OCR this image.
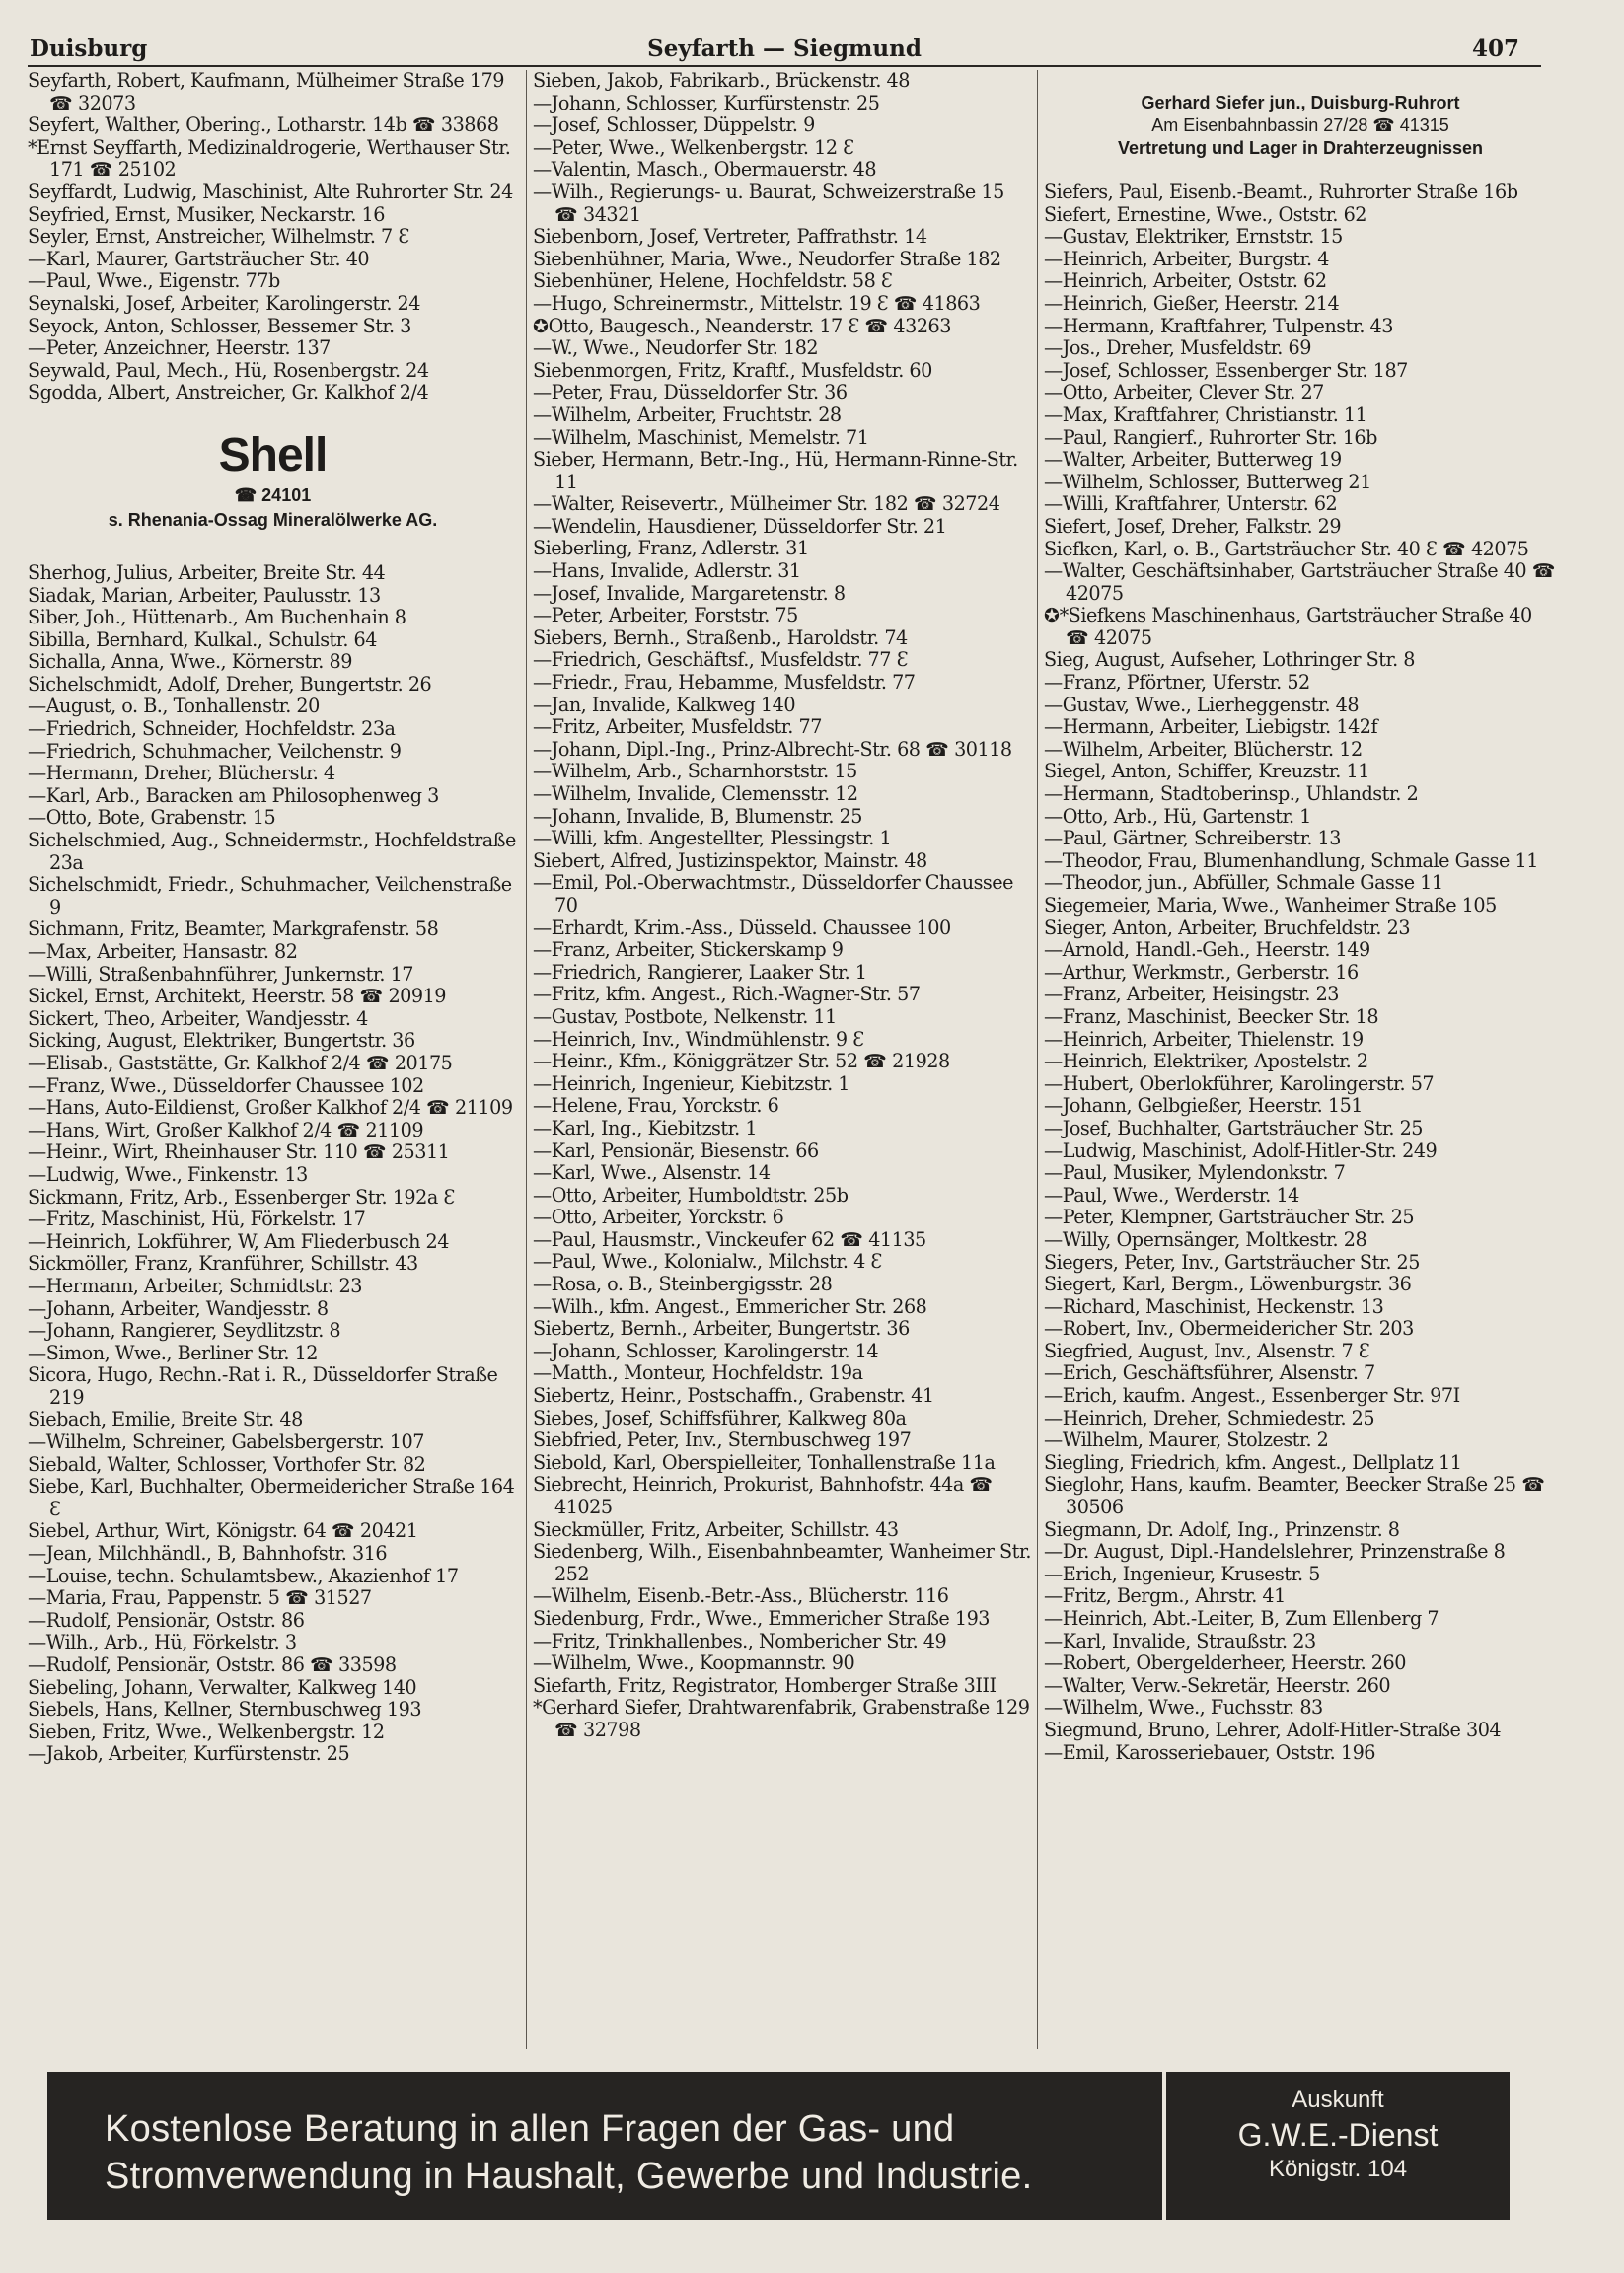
Duisburg	Seyfarth — Siegmund	407
Seyfarth, Robert, Kaufmann, Mülheimer Straße 179 ☎ 32073
Seyfert, Walther, Obering., Lotharstr. 14b ☎ 33868
*Ernst Seyffarth, Medizinaldrogerie, Werthauser Str. 171 ☎ 25102
Seyffardt, Ludwig, Maschinist, Alte Ruhrorter Str. 24
Seyfried, Ernst, Musiker, Neckarstr. 16
Seyler, Ernst, Anstreicher, Wilhelmstr. 7 Ɛ
—Karl, Maurer, Gartsträucher Str. 40
—Paul, Wwe., Eigenstr. 77b
Seynalski, Josef, Arbeiter, Karolingerstr. 24
Seyock, Anton, Schlosser, Bessemer Str. 3
—Peter, Anzeichner, Heerstr. 137
Seywald, Paul, Mech., Hü, Rosenbergstr. 24
Sgodda, Albert, Anstreicher, Gr. Kalkhof 2/4
Shell
☎ 24101
s. Rhenania-Ossag Mineralölwerke AG.
Sherhog, Julius, Arbeiter, Breite Str. 44
Siadak, Marian, Arbeiter, Paulusstr. 13
Siber, Joh., Hüttenarb., Am Buchenhain 8
Sibilla, Bernhard, Kulkal., Schulstr. 64
Sichalla, Anna, Wwe., Körnerstr. 89
Sichelschmidt, Adolf, Dreher, Bungertstr. 26
—August, o. B., Tonhallenstr. 20
—Friedrich, Schneider, Hochfeldstr. 23a
—Friedrich, Schuhmacher, Veilchenstr. 9
—Hermann, Dreher, Blücherstr. 4
—Karl, Arb., Baracken am Philosophenweg 3
—Otto, Bote, Grabenstr. 15
Sichelschmied, Aug., Schneidermstr., Hochfeldstraße 23a
Sichelschmidt, Friedr., Schuhmacher, Veilchenstraße 9
Sichmann, Fritz, Beamter, Markgrafenstr. 58
—Max, Arbeiter, Hansastr. 82
—Willi, Straßenbahnführer, Junkernstr. 17
Sickel, Ernst, Architekt, Heerstr. 58 ☎ 20919
Sickert, Theo, Arbeiter, Wandjesstr. 4
Sicking, August, Elektriker, Bungertstr. 36
—Elisab., Gaststätte, Gr. Kalkhof 2/4 ☎ 20175
—Franz, Wwe., Düsseldorfer Chaussee 102
—Hans, Auto-Eildienst, Großer Kalkhof 2/4 ☎ 21109
—Hans, Wirt, Großer Kalkhof 2/4 ☎ 21109
—Heinr., Wirt, Rheinhauser Str. 110 ☎ 25311
—Ludwig, Wwe., Finkenstr. 13
Sickmann, Fritz, Arb., Essenberger Str. 192a Ɛ
—Fritz, Maschinist, Hü, Förkelstr. 17
—Heinrich, Lokführer, W, Am Fliederbusch 24
Sickmöller, Franz, Kranführer, Schillstr. 43
—Hermann, Arbeiter, Schmidtstr. 23
—Johann, Arbeiter, Wandjesstr. 8
—Johann, Rangierer, Seydlitzstr. 8
—Simon, Wwe., Berliner Str. 12
Sicora, Hugo, Rechn.-Rat i. R., Düsseldorfer Straße 219
Siebach, Emilie, Breite Str. 48
—Wilhelm, Schreiner, Gabelsbergerstr. 107
Siebald, Walter, Schlosser, Vorthofer Str. 82
Siebe, Karl, Buchhalter, Obermeidericher Straße 164 Ɛ
Siebel, Arthur, Wirt, Königstr. 64 ☎ 20421
—Jean, Milchhändl., B, Bahnhofstr. 316
—Louise, techn. Schulamtsbew., Akazienhof 17
—Maria, Frau, Pappenstr. 5 ☎ 31527
—Rudolf, Pensionär, Oststr. 86
—Wilh., Arb., Hü, Förkelstr. 3
—Rudolf, Pensionär, Oststr. 86 ☎ 33598
Siebeling, Johann, Verwalter, Kalkweg 140
Siebels, Hans, Kellner, Sternbuschweg 193
Sieben, Fritz, Wwe., Welkenbergstr. 12
—Jakob, Arbeiter, Kurfürstenstr. 25
Sieben, Jakob, Fabrikarb., Brückenstr. 48
—Johann, Schlosser, Kurfürstenstr. 25
—Josef, Schlosser, Düppelstr. 9
—Peter, Wwe., Welkenbergstr. 12 Ɛ
—Valentin, Masch., Obermauerstr. 48
—Wilh., Regierungs- u. Baurat, Schweizerstraße 15 ☎ 34321
Siebenborn, Josef, Vertreter, Paffrathstr. 14
Siebenhühner, Maria, Wwe., Neudorfer Straße 182
Siebenhüner, Helene, Hochfeldstr. 58 Ɛ
—Hugo, Schreinermstr., Mittelstr. 19 Ɛ ☎ 41863
✪Otto, Baugesch., Neanderstr. 17 Ɛ ☎ 43263
—W., Wwe., Neudorfer Str. 182
Siebenmorgen, Fritz, Kraftf., Musfeldstr. 60
—Peter, Frau, Düsseldorfer Str. 36
—Wilhelm, Arbeiter, Fruchtstr. 28
—Wilhelm, Maschinist, Memelstr. 71
Sieber, Hermann, Betr.-Ing., Hü, Hermann-Rinne-Str. 11
—Walter, Reisevertr., Mülheimer Str. 182 ☎ 32724
—Wendelin, Hausdiener, Düsseldorfer Str. 21
Sieberling, Franz, Adlerstr. 31
—Hans, Invalide, Adlerstr. 31
—Josef, Invalide, Margaretenstr. 8
—Peter, Arbeiter, Forststr. 75
Siebers, Bernh., Straßenb., Haroldstr. 74
—Friedrich, Geschäftsf., Musfeldstr. 77 Ɛ
—Friedr., Frau, Hebamme, Musfeldstr. 77
—Jan, Invalide, Kalkweg 140
—Fritz, Arbeiter, Musfeldstr. 77
—Johann, Dipl.-Ing., Prinz-Albrecht-Str. 68 ☎ 30118
—Wilhelm, Arb., Scharnhorststr. 15
—Wilhelm, Invalide, Clemensstr. 12
—Johann, Invalide, B, Blumenstr. 25
—Willi, kfm. Angestellter, Plessingstr. 1
Siebert, Alfred, Justizinspektor, Mainstr. 48
—Emil, Pol.-Oberwachtmstr., Düsseldorfer Chaussee 70
—Erhardt, Krim.-Ass., Düsseld. Chaussee 100
—Franz, Arbeiter, Stickerskamp 9
—Friedrich, Rangierer, Laaker Str. 1
—Fritz, kfm. Angest., Rich.-Wagner-Str. 57
—Gustav, Postbote, Nelkenstr. 11
—Heinrich, Inv., Windmühlenstr. 9 Ɛ
—Heinr., Kfm., Königgrätzer Str. 52 ☎ 21928
—Heinrich, Ingenieur, Kiebitzstr. 1
—Helene, Frau, Yorckstr. 6
—Karl, Ing., Kiebitzstr. 1
—Karl, Pensionär, Biesenstr. 66
—Karl, Wwe., Alsenstr. 14
—Otto, Arbeiter, Humboldtstr. 25b
—Otto, Arbeiter, Yorckstr. 6
—Paul, Hausmstr., Vinckeufer 62 ☎ 41135
—Paul, Wwe., Kolonialw., Milchstr. 4 Ɛ
—Rosa, o. B., Steinbergigsstr. 28
—Wilh., kfm. Angest., Emmericher Str. 268
Siebertz, Bernh., Arbeiter, Bungertstr. 36
—Johann, Schlosser, Karolingerstr. 14
—Matth., Monteur, Hochfeldstr. 19a
Siebertz, Heinr., Postschaffn., Grabenstr. 41
Siebes, Josef, Schiffsführer, Kalkweg 80a
Siebfried, Peter, Inv., Sternbuschweg 197
Siebold, Karl, Oberspielleiter, Tonhallenstraße 11a
Siebrecht, Heinrich, Prokurist, Bahnhofstr. 44a ☎ 41025
Sieckmüller, Fritz, Arbeiter, Schillstr. 43
Siedenberg, Wilh., Eisenbahnbeamter, Wanheimer Str. 252
—Wilhelm, Eisenb.-Betr.-Ass., Blücherstr. 116
Siedenburg, Frdr., Wwe., Emmericher Straße 193
—Fritz, Trinkhallenbes., Nombericher Str. 49
—Wilhelm, Wwe., Koopmannstr. 90
Siefarth, Fritz, Registrator, Homberger Straße 3III
*Gerhard Siefer, Drahtwarenfabrik, Grabenstraße 129 ☎ 32798
Gerhard Siefer jun., Duisburg-Ruhrort
Am Eisenbahnbassin 27/28 ☎ 41315
Vertretung und Lager in Drahterzeugnissen
Siefers, Paul, Eisenb.-Beamt., Ruhrorter Straße 16b
Siefert, Ernestine, Wwe., Oststr. 62
—Gustav, Elektriker, Ernststr. 15
—Heinrich, Arbeiter, Burgstr. 4
—Heinrich, Arbeiter, Oststr. 62
—Heinrich, Gießer, Heerstr. 214
—Hermann, Kraftfahrer, Tulpenstr. 43
—Jos., Dreher, Musfeldstr. 69
—Josef, Schlosser, Essenberger Str. 187
—Otto, Arbeiter, Clever Str. 27
—Max, Kraftfahrer, Christianstr. 11
—Paul, Rangierf., Ruhrorter Str. 16b
—Walter, Arbeiter, Butterweg 19
—Wilhelm, Schlosser, Butterweg 21
—Willi, Kraftfahrer, Unterstr. 62
Siefert, Josef, Dreher, Falkstr. 29
Siefken, Karl, o. B., Gartsträucher Str. 40 Ɛ ☎ 42075
—Walter, Geschäftsinhaber, Gartsträucher Straße 40 ☎ 42075
✪*Siefkens Maschinenhaus, Gartsträucher Straße 40 ☎ 42075
Sieg, August, Aufseher, Lothringer Str. 8
—Franz, Pförtner, Uferstr. 52
—Gustav, Wwe., Lierheggenstr. 48
—Hermann, Arbeiter, Liebigstr. 142f
—Wilhelm, Arbeiter, Blücherstr. 12
Siegel, Anton, Schiffer, Kreuzstr. 11
—Hermann, Stadtoberinsp., Uhlandstr. 2
—Otto, Arb., Hü, Gartenstr. 1
—Paul, Gärtner, Schreiberstr. 13
—Theodor, Frau, Blumenhandlung, Schmale Gasse 11
—Theodor, jun., Abfüller, Schmale Gasse 11
Siegemeier, Maria, Wwe., Wanheimer Straße 105
Sieger, Anton, Arbeiter, Bruchfeldstr. 23
—Arnold, Handl.-Geh., Heerstr. 149
—Arthur, Werkmstr., Gerberstr. 16
—Franz, Arbeiter, Heisingstr. 23
—Franz, Maschinist, Beecker Str. 18
—Heinrich, Arbeiter, Thielenstr. 19
—Heinrich, Elektriker, Apostelstr. 2
—Hubert, Oberlokführer, Karolingerstr. 57
—Johann, Gelbgießer, Heerstr. 151
—Josef, Buchhalter, Gartsträucher Str. 25
—Ludwig, Maschinist, Adolf-Hitler-Str. 249
—Paul, Musiker, Mylendonkstr. 7
—Paul, Wwe., Werderstr. 14
—Peter, Klempner, Gartsträucher Str. 25
—Willy, Opernsänger, Moltkestr. 28
Siegers, Peter, Inv., Gartsträucher Str. 25
Siegert, Karl, Bergm., Löwenburgstr. 36
—Richard, Maschinist, Heckenstr. 13
—Robert, Inv., Obermeidericher Str. 203
Siegfried, August, Inv., Alsenstr. 7 Ɛ
—Erich, Geschäftsführer, Alsenstr. 7
—Erich, kaufm. Angest., Essenberger Str. 97I
—Heinrich, Dreher, Schmiedestr. 25
—Wilhelm, Maurer, Stolzestr. 2
Siegling, Friedrich, kfm. Angest., Dellplatz 11
Sieglohr, Hans, kaufm. Beamter, Beecker Straße 25 ☎ 30506
Siegmann, Dr. Adolf, Ing., Prinzenstr. 8
—Dr. August, Dipl.-Handelslehrer, Prinzenstraße 8
—Erich, Ingenieur, Krusestr. 5
—Fritz, Bergm., Ahrstr. 41
—Heinrich, Abt.-Leiter, B, Zum Ellenberg 7
—Karl, Invalide, Straußstr. 23
—Robert, Obergelderheer, Heerstr. 260
—Walter, Verw.-Sekretär, Heerstr. 260
—Wilhelm, Wwe., Fuchsstr. 83
Siegmund, Bruno, Lehrer, Adolf-Hitler-Straße 304
—Emil, Karosseriebauer, Oststr. 196
Kostenlose Beratung in allen Fragen der Gas- und
Stromverwendung in Haushalt, Gewerbe und Industrie.
Auskunft
G.W.E.-Dienst
Königstr. 104
